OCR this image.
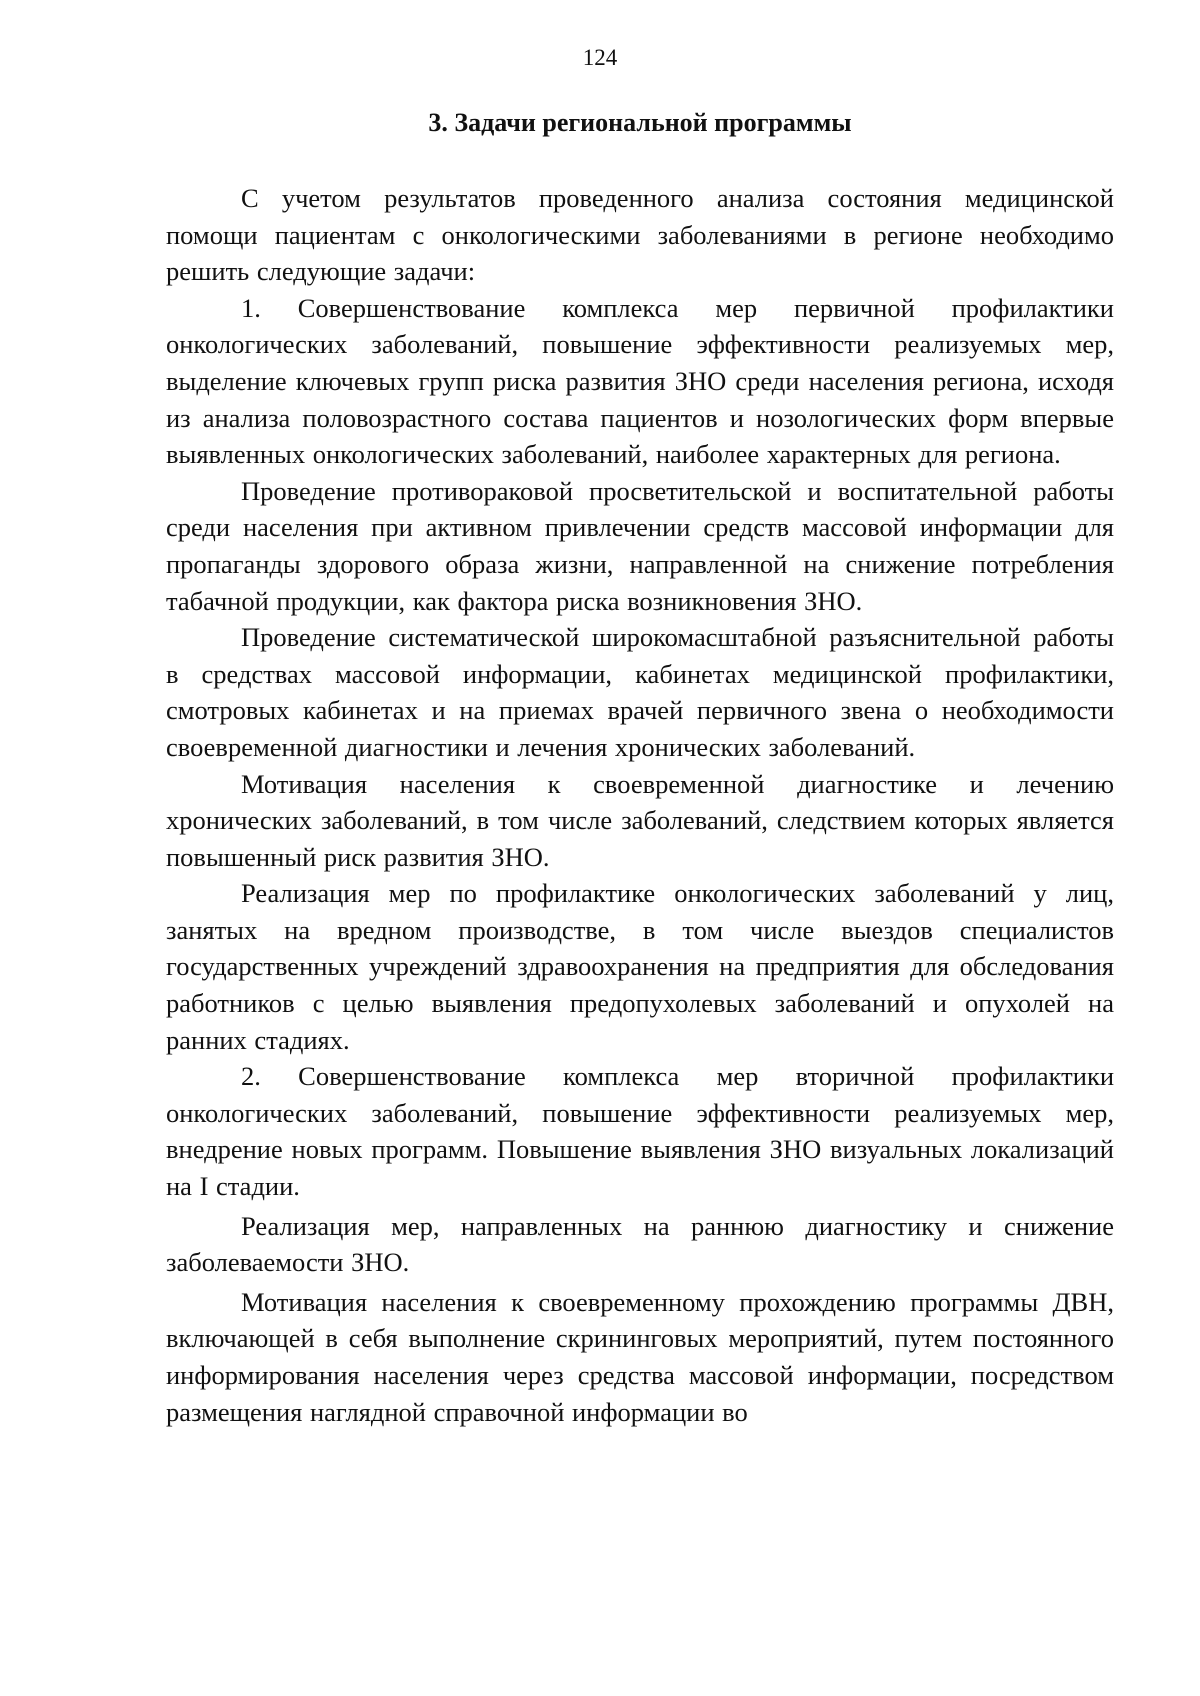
124
3. Задачи региональной программы

С учетом результатов проведенного анализа состояния медицинской помощи пациентам с онкологическими заболеваниями в регионе необходимо решить следующие задачи:

1. Совершенствование комплекса мер первичной профилактики онкологических заболеваний, повышение эффективности реализуемых мер, выделение ключевых групп риска развития ЗНО среди населения региона, исходя из анализа половозрастного состава пациентов и нозологических форм впервые выявленных онкологических заболеваний, наиболее характерных для региона.

Проведение противораковой просветительской и воспитательной работы среди населения при активном привлечении средств массовой информации для пропаганды здорового образа жизни, направленной на снижение потребления табачной продукции, как фактора риска возникновения ЗНО.

Проведение систематической широкомасштабной разъяснительной работы в средствах массовой информации, кабинетах медицинской профилактики, смотровых кабинетах и на приемах врачей первичного звена о необходимости своевременной диагностики и лечения хронических заболеваний.

Мотивация населения к своевременной диагностике и лечению хронических заболеваний, в том числе заболеваний, следствием которых является повышенный риск развития ЗНО.

Реализация мер по профилактике онкологических заболеваний у лиц, занятых на вредном производстве, в том числе выездов специалистов государственных учреждений здравоохранения на предприятия для обследования работников с целью выявления предопухолевых заболеваний и опухолей на ранних стадиях.

2. Совершенствование комплекса мер вторичной профилактики онкологических заболеваний, повышение эффективности реализуемых мер, внедрение новых программ. Повышение выявления ЗНО визуальных локализаций на I стадии.

Реализация мер, направленных на раннюю диагностику и снижение заболеваемости ЗНО.

Мотивация населения к своевременному прохождению программы ДВН, включающей в себя выполнение скрининговых мероприятий, путем постоянного информирования населения через средства массовой информации, посредством размещения наглядной справочной информации во
